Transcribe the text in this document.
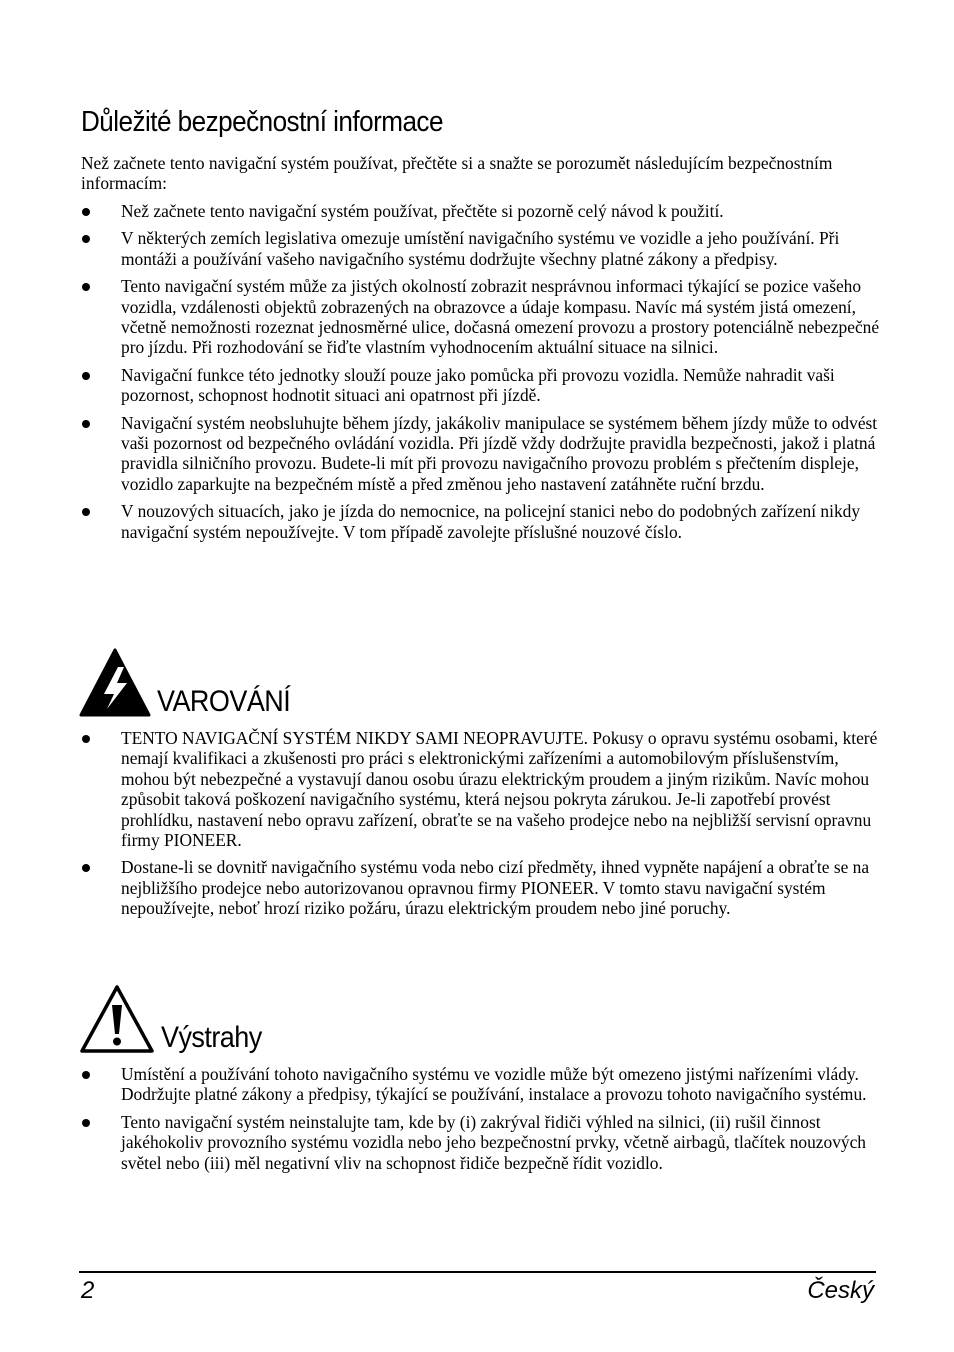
Důležité bezpečnostní informace

Než začnete tento navigační systém používat, přečtěte si a snažte se porozumět následujícím bezpečnostním informacím:

Než začnete tento navigační systém používat, přečtěte si pozorně celý návod k použití.
V některých zemích legislativa omezuje umístění navigačního systému ve vozidle a jeho používání. Při montáži a používání vašeho navigačního systému dodržujte všechny platné zákony a předpisy.
Tento navigační systém může za jistých okolností zobrazit nesprávnou informaci týkající se pozice vašeho vozidla, vzdálenosti objektů zobrazených na obrazovce a údaje kompasu. Navíc má systém jistá omezení, včetně nemožnosti rozeznat jednosměrné ulice, dočasná omezení provozu a prostory potenciálně nebezpečné pro jízdu. Při rozhodování se řiďte vlastním vyhodnocením aktuální situace na silnici.
Navigační funkce této jednotky slouží pouze jako pomůcka při provozu vozidla. Nemůže nahradit vaši pozornost, schopnost hodnotit situaci ani opatrnost při jízdě.
Navigační systém neobsluhujte během jízdy, jakákoliv manipulace se systémem během jízdy může to odvést vaši pozornost od bezpečného ovládání vozidla. Při jízdě vždy dodržujte pravidla bezpečnosti, jakož i platná pravidla silničního provozu. Budete-li mít při provozu navigačního provozu problém s přečtením displeje, vozidlo zaparkujte na bezpečném místě a před změnou jeho nastavení zatáhněte ruční brzdu.
V nouzových situacích, jako je jízda do nemocnice, na policejní stanici nebo do podobných zařízení nikdy navigační systém nepoužívejte. V tom případě zavolejte příslušné nouzové číslo.
VAROVÁNÍ
TENTO NAVIGAČNÍ SYSTÉM NIKDY SAMI NEOPRAVUJTE. Pokusy o opravu systému osobami, které nemají kvalifikaci a zkušenosti pro práci s elektronickými zařízeními a automobilovým příslušenstvím, mohou být nebezpečné a vystavují danou osobu úrazu elektrickým proudem a jiným rizikům. Navíc mohou způsobit taková poškození navigačního systému, která nejsou pokryta zárukou. Je-li zapotřebí provést prohlídku, nastavení nebo opravu zařízení, obraťte se na vašeho prodejce nebo na nejbližší servisní opravnu firmy PIONEER.
Dostane-li se dovnitř navigačního systému voda nebo cizí předměty, ihned vypněte napájení a obraťte se na nejbližšího prodejce nebo autorizovanou opravnou firmy PIONEER. V tomto stavu navigační systém nepoužívejte, neboť hrozí riziko požáru, úrazu elektrickým proudem nebo jiné poruchy.
Výstrahy
Umístění a používání tohoto navigačního systému ve vozidle může být omezeno jistými nařízeními vlády. Dodržujte platné zákony a předpisy, týkající se používání, instalace a provozu tohoto navigačního systému.
Tento navigační systém neinstalujte tam, kde by (i) zakrýval řidiči výhled na silnici, (ii) rušil činnost jakéhokoliv provozního systému vozidla nebo jeho bezpečnostní prvky, včetně airbagů, tlačítek nouzových světel nebo (iii) měl negativní vliv na schopnost řidiče bezpečně řídit vozidlo.
2	Český
